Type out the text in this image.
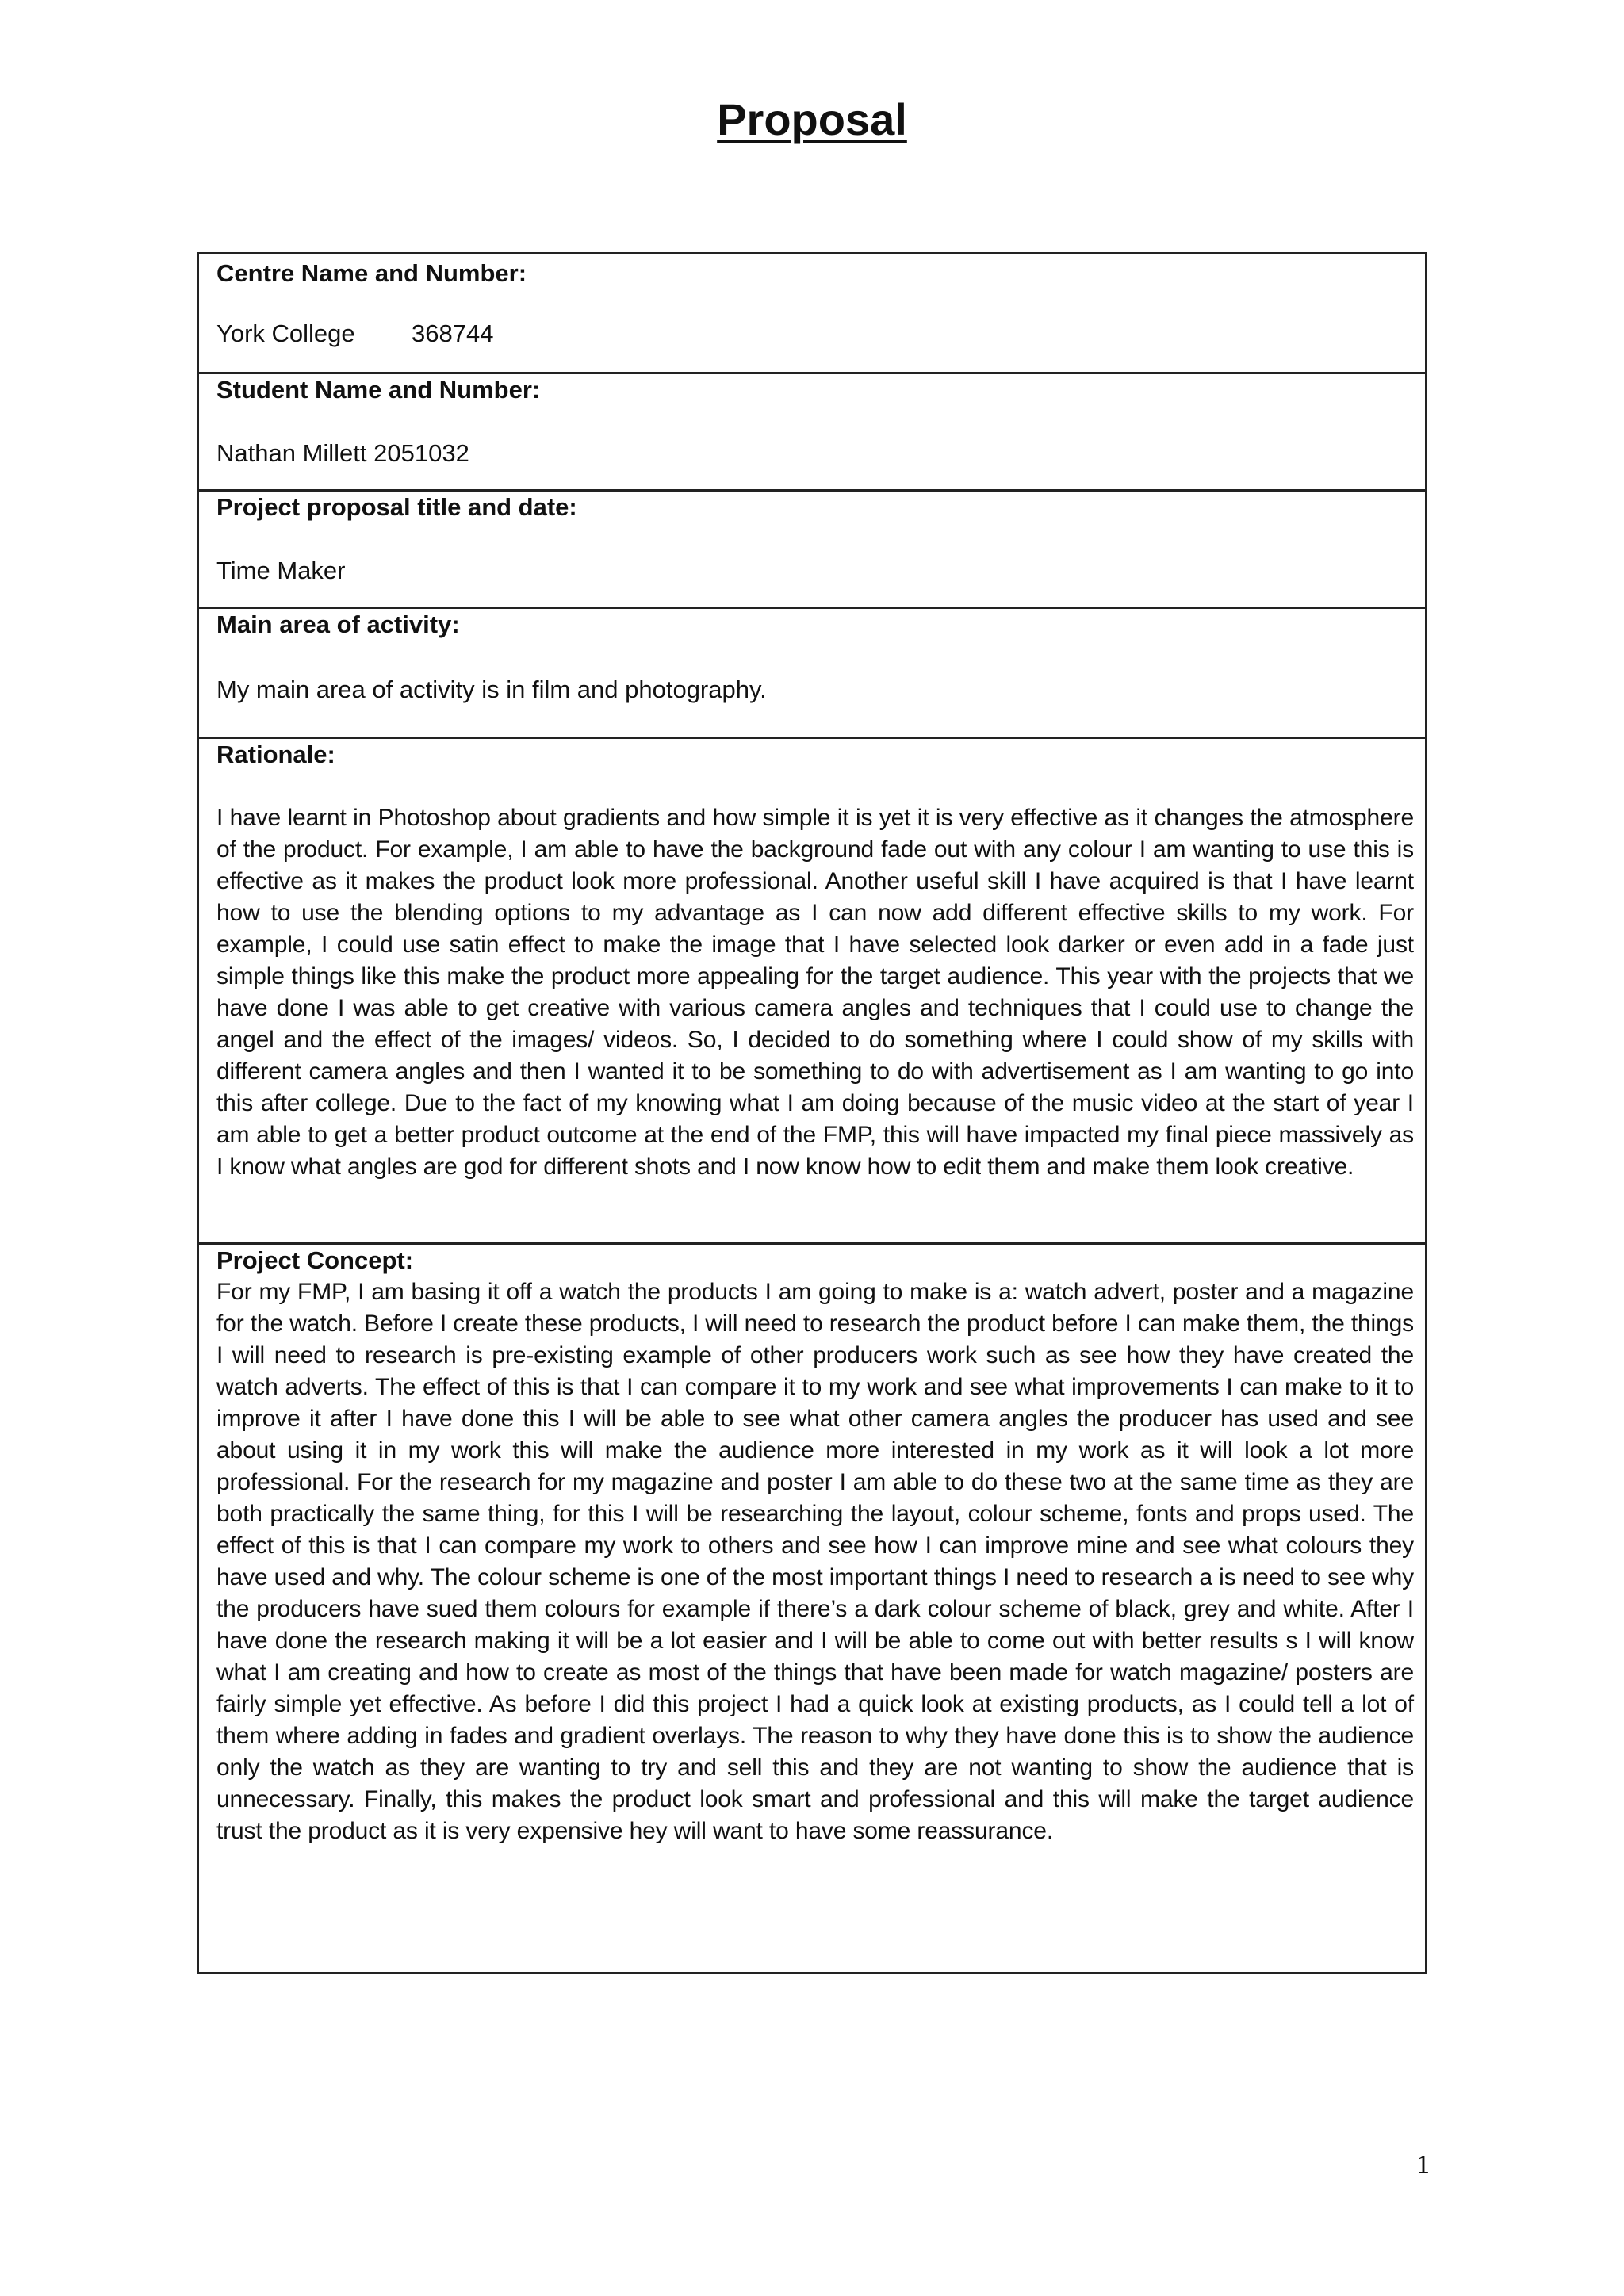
Proposal
Centre Name and Number:
York College 368744
Student Name and Number:
Nathan Millett 2051032
Project proposal title and date:
Time Maker
Main area of activity:
My main area of activity is in film and photography.
Rationale:
I have learnt in Photoshop about gradients and how simple it is yet it is very effective as it changes the atmosphere of the product. For example, I am able to have the background fade out with any colour I am wanting to use this is effective as it makes the product look more professional. Another useful skill I have acquired is that I have learnt how to use the blending options to my advantage as I can now add different effective skills to my work. For example, I could use satin effect to make the image that I have selected look darker or even add in a fade just simple things like this make the product more appealing for the target audience. This year with the projects that we have done I was able to get creative with various camera angles and techniques that I could use to change the angel and the effect of the images/ videos. So, I decided to do something where I could show of my skills with different camera angles and then I wanted it to be something to do with advertisement as I am wanting to go into this after college. Due to the fact of my knowing what I am doing because of the music video at the start of year I am able to get a better product outcome at the end of the FMP, this will have impacted my final piece massively as I know what angles are god for different shots and I now know how to edit them and make them look creative.
Project Concept:
For my FMP, I am basing it off a watch the products I am going to make is a: watch advert, poster and a magazine for the watch. Before I create these products, I will need to research the product before I can make them, the things I will need to research is pre-existing example of other producers work such as see how they have created the watch adverts. The effect of this is that I can compare it to my work and see what improvements I can make to it to improve it after I have done this I will be able to see what other camera angles the producer has used and see about using it in my work this will make the audience more interested in my work as it will look a lot more professional. For the research for my magazine and poster I am able to do these two at the same time as they are both practically the same thing, for this I will be researching the layout, colour scheme, fonts and props used. The effect of this is that I can compare my work to others and see how I can improve mine and see what colours they have used and why. The colour scheme is one of the most important things I need to research a is need to see why the producers have sued them colours for example if there’s a dark colour scheme of black, grey and white. After I have done the research making it will be a lot easier and I will be able to come out with better results s I will know what I am creating and how to create as most of the things that have been made for watch magazine/ posters are fairly simple yet effective. As before I did this project I had a quick look at existing products, as I could tell a lot of them where adding in fades and gradient overlays. The reason to why they have done this is to show the audience only the watch as they are wanting to try and sell this and they are not wanting to show the audience that is unnecessary. Finally, this makes the product look smart and professional and this will make the target audience trust the product as it is very expensive hey will want to have some reassurance.
1
